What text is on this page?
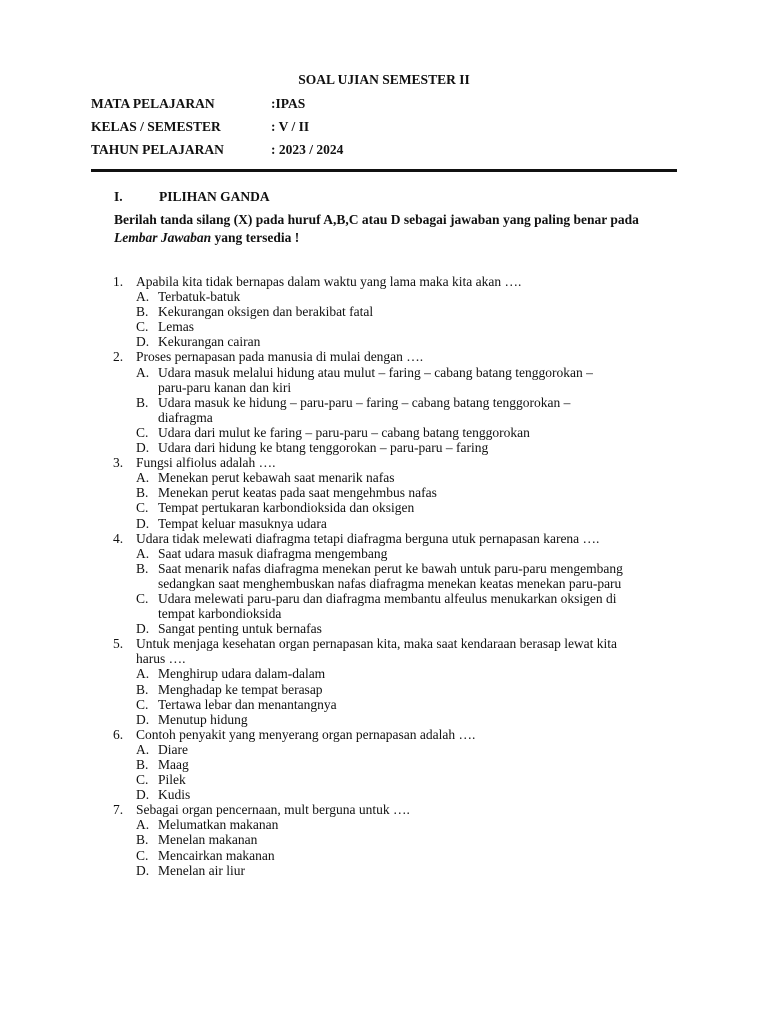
SOAL UJIAN SEMESTER II
MATA PELAJARAN	:IPAS
KELAS / SEMESTER	: V / II
TAHUN PELAJARAN	: 2023 / 2024
I.	PILIHAN GANDA
Berilah tanda silang (X) pada huruf A,B,C atau D sebagai jawaban yang paling benar pada Lembar Jawaban yang tersedia !
1. Apabila kita tidak bernapas dalam waktu yang lama maka kita akan ….
A. Terbatuk-batuk
B. Kekurangan oksigen dan berakibat fatal
C. Lemas
D. Kekurangan cairan
2. Proses pernapasan pada manusia di mulai dengan ….
A. Udara masuk melalui hidung atau mulut – faring – cabang batang tenggorokan –
paru-paru kanan dan kiri
B. Udara masuk ke hidung – paru-paru – faring – cabang batang tenggorokan –
diafragma
C. Udara dari mulut ke faring – paru-paru – cabang batang tenggorokan
D. Udara dari hidung ke btang tenggorokan – paru-paru – faring
3. Fungsi alfiolus adalah ….
A. Menekan perut kebawah saat menarik nafas
B. Menekan perut keatas pada saat mengehmbus nafas
C. Tempat pertukaran karbondioksida dan oksigen
D. Tempat keluar masuknya udara
4. Udara tidak melewati diafragma tetapi diafragma berguna utuk pernapasan karena ….
A. Saat udara masuk diafragma mengembang
B. Saat menarik nafas diafragma menekan perut ke bawah untuk paru-paru mengembang
sedangkan saat menghembuskan nafas diafragma menekan keatas menekan paru-paru
C. Udara melewati paru-paru dan diafragma membantu alfeulus menukarkan oksigen di
tempat karbondioksida
D. Sangat penting untuk bernafas
5. Untuk menjaga kesehatan organ pernapasan kita, maka saat kendaraan berasap lewat kita
harus ….
A. Menghirup udara dalam-dalam
B. Menghadap ke tempat berasap
C. Tertawa lebar dan menantangnya
D. Menutup hidung
6. Contoh penyakit yang menyerang organ pernapasan adalah ….
A. Diare
B. Maag
C. Pilek
D. Kudis
7. Sebagai organ pencernaan, mult berguna untuk ….
A. Melumatkan makanan
B. Menelan makanan
C. Mencairkan makanan
D. Menelan air liur
